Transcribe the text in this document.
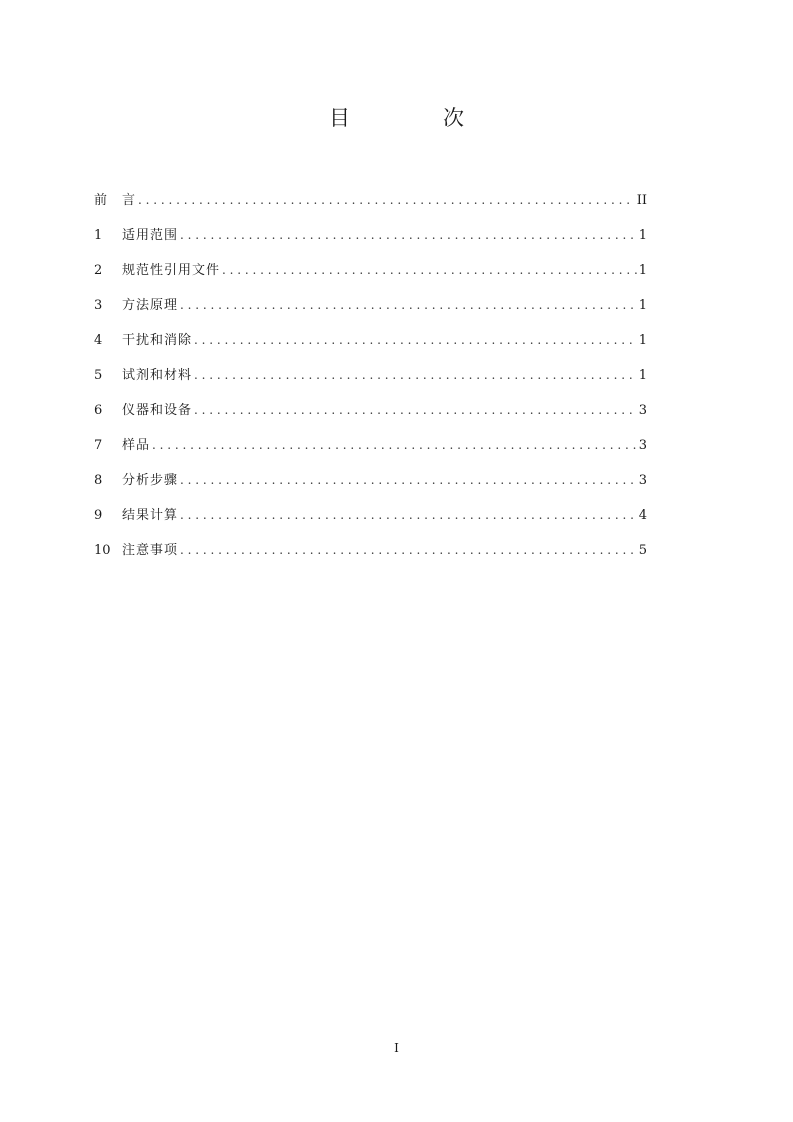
目　次
前　言 . . .	II
1	适用范围 . . .	1
2	规范性引用文件 . . .	1
3	方法原理 . . .	1
4	干扰和消除 . . .	1
5	试剂和材料 . . .	1
6	仪器和设备 . . .	3
7	样品 . . .	3
8	分析步骤 . . .	3
9	结果计算 . . .	4
10 注意事项 . . .	5
I
